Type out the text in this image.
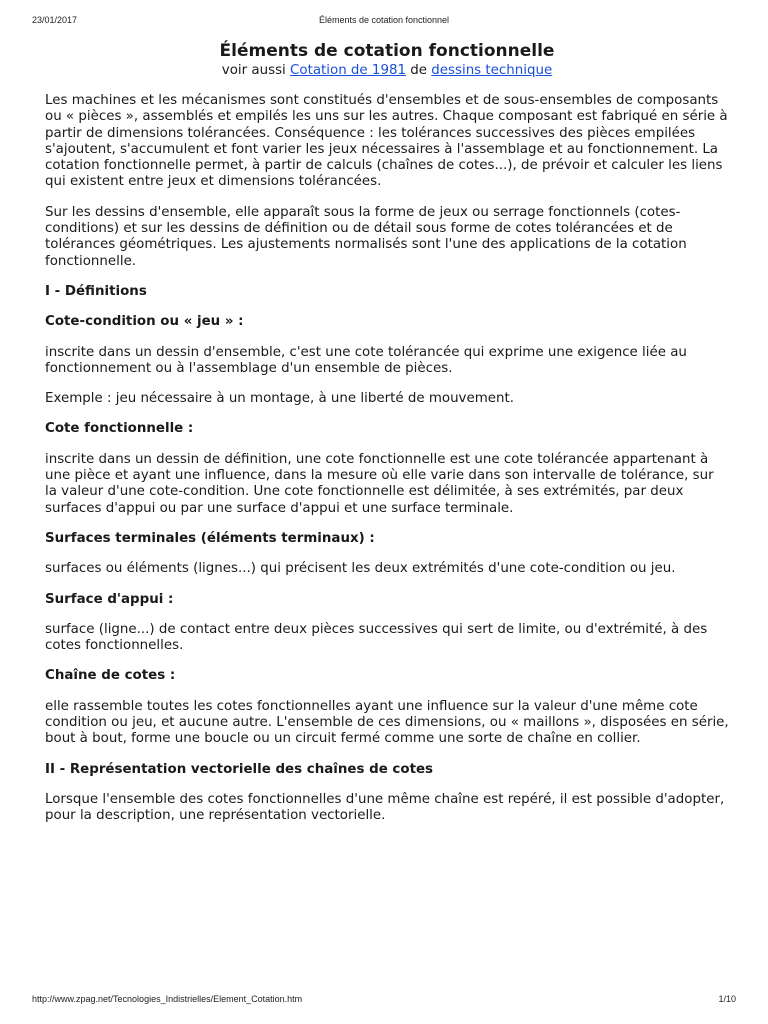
23/01/2017	Éléments de cotation fonctionnel
Éléments de cotation fonctionnelle
voir aussi Cotation de 1981 de dessins technique

Les machines et les mécanismes sont constitués d'ensembles et de sous-ensembles de composants ou « pièces », assemblés et empilés les uns sur les autres. Chaque composant est fabriqué en série à partir de dimensions tolérancées. Conséquence : les tolérances successives des pièces empilées s'ajoutent, s'accumulent et font varier les jeux nécessaires à l'assemblage et au fonctionnement. La cotation fonctionnelle permet, à partir de calculs (chaînes de cotes...), de prévoir et calculer les liens qui existent entre jeux et dimensions tolérancées.

Sur les dessins d'ensemble, elle apparaît sous la forme de jeux ou serrage fonctionnels (cotes-conditions) et sur les dessins de définition ou de détail sous forme de cotes tolérancées et de tolérances géométriques. Les ajustements normalisés sont l'une des applications de la cotation fonctionnelle.

I - Définitions
Cote-condition ou « jeu » :

inscrite dans un dessin d'ensemble, c'est une cote tolérancée qui exprime une exigence liée au fonctionnement ou à l'assemblage d'un ensemble de pièces.

Exemple : jeu nécessaire à un montage, à une liberté de mouvement.

Cote fonctionnelle :

inscrite dans un dessin de définition, une cote fonctionnelle est une cote tolérancée appartenant à une pièce et ayant une influence, dans la mesure où elle varie dans son intervalle de tolérance, sur la valeur d'une cote-condition. Une cote fonctionnelle est délimitée, à ses extrémités, par deux surfaces d'appui ou par une surface d'appui et une surface terminale.

Surfaces terminales (éléments terminaux) :

surfaces ou éléments (lignes...) qui précisent les deux extrémités d'une cote-condition ou jeu.

Surface d'appui :

surface (ligne...) de contact entre deux pièces successives qui sert de limite, ou d'extrémité, à des cotes fonctionnelles.

Chaîne de cotes :

elle rassemble toutes les cotes fonctionnelles ayant une influence sur la valeur d'une même cote condition ou jeu, et aucune autre. L'ensemble de ces dimensions, ou « maillons », disposées en série, bout à bout, forme une boucle ou un circuit fermé comme une sorte de chaîne en collier.

II - Représentation vectorielle des chaînes de cotes

Lorsque l'ensemble des cotes fonctionnelles d'une même chaîne est repéré, il est possible d'adopter, pour la description, une représentation vectorielle.

http://www.zpag.net/Tecnologies_Indistrielles/Element_Cotation.htm	1/10
